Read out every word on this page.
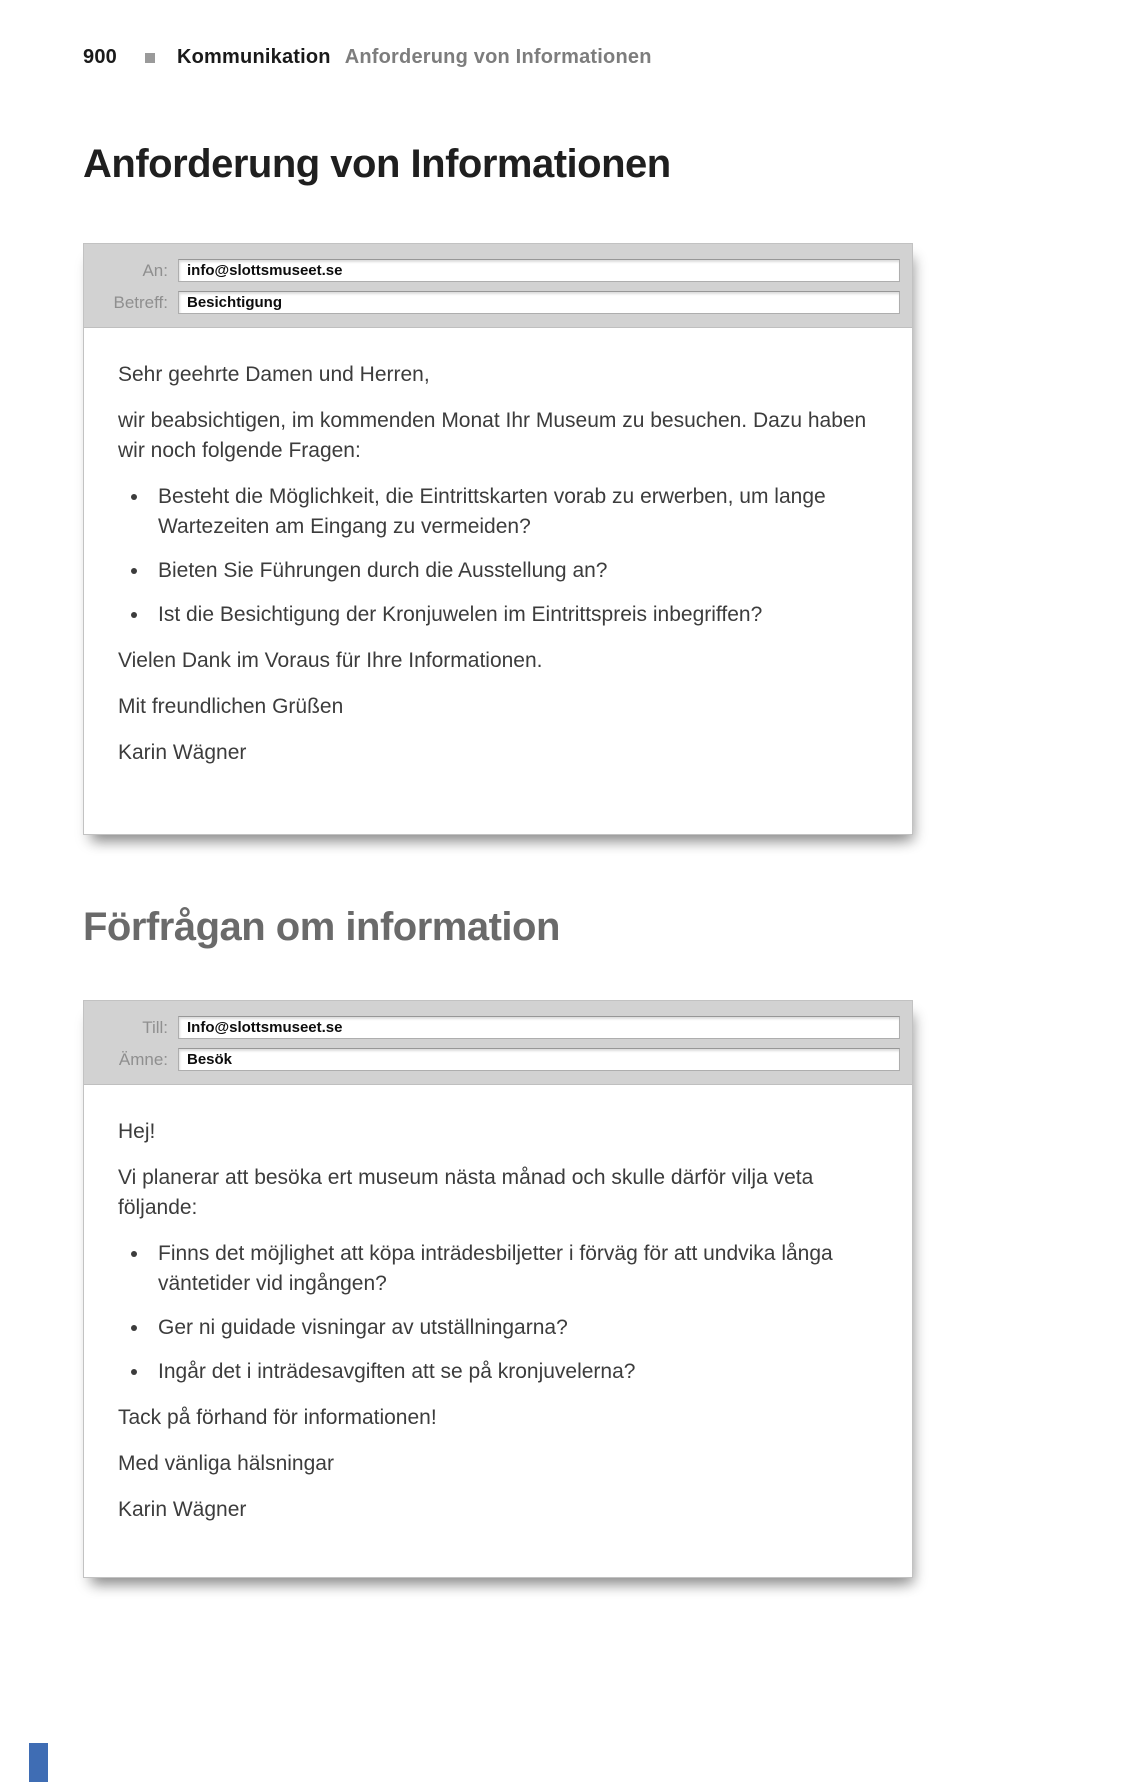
900	Kommunikation Anforderung von Informationen
Anforderung von Informationen
An:	info@slottsmuseet.se
Betreff:	Besichtigung

Sehr geehrte Damen und Herren,

wir beabsichtigen, im kommenden Monat Ihr Museum zu besuchen. Dazu haben wir noch folgende Fragen:

• Besteht die Möglichkeit, die Eintrittskarten vorab zu erwerben, um lange Wartezeiten am Eingang zu vermeiden?
• Bieten Sie Führungen durch die Ausstellung an?
• Ist die Besichtigung der Kronjuwelen im Eintrittspreis inbegriffen?

Vielen Dank im Voraus für Ihre Informationen.

Mit freundlichen Grüßen

Karin Wägner

Förfrågan om information
Till:	Info@slottsmuseet.se
Ämne:	Besök

Hej!

Vi planerar att besöka ert museum nästa månad och skulle därför vilja veta följande:

• Finns det möjlighet att köpa inträdesbiljetter i förväg för att undvika långa väntetider vid ingången?
• Ger ni guidade visningar av utställningarna?
• Ingår det i inträdesavgiften att se på kronjuvelerna?

Tack på förhand för informationen!

Med vänliga hälsningar

Karin Wägner
